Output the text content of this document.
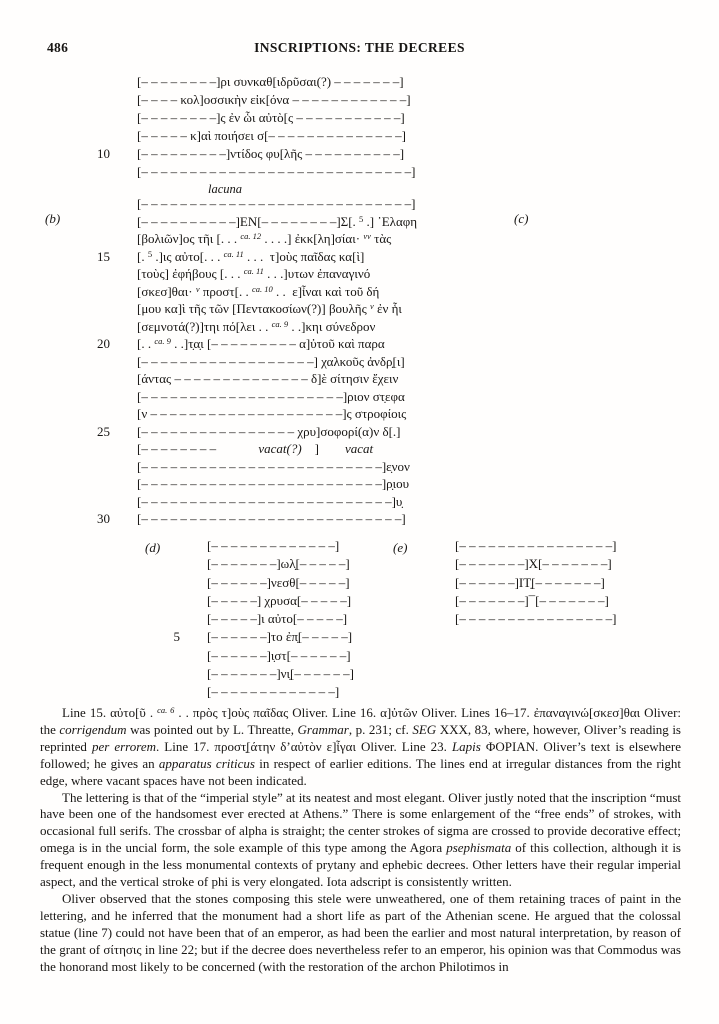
486	INSCRIPTIONS: THE DECREES
[– – – – – – – –]ρι συνκαθ[ιδρῦσαι(?) – – – – – – –]
[– – – – κολ]οσσικὴν εἰκ[όνα – – – – – – – – – – – –]
[– – – – – – – –]ς ἐν ὧι αὐτὸ[ς – – – – – – – – – – –]
[– – – – – κ]αὶ ποιήσει σ[– – – – – – – – – – – – – –]
10 [– – – – – – – – –]ντίδος φυ[λῆς – – – – – – – – – –]
[– – – – – – – – – – – – – – – – – – – – – – – – – – – –]
lacuna
(b)	(c)
[– – – – – – – – – – – – – – – – – – – – – – – – – – – –]
[– – – – – – – – – –]ΕΝ[– – – – – – – –]Σ[. $^5$ .] ᾿Ελαφη
[βολιῶν]ος τῆι [. . . $^{ca. 12}$ . . . .] ἐκκ[λη]σίαι· $^{vv}$ τὰς
15 [. $^5$ .]ις αὐτο[. . . $^{ca. 11}$ . . .  τ]οὺς παῖδας κα[ὶ]
[τοὺς] ἐφήβους [. . . $^{ca. 11}$ . . .]υτων ἐπαναγινό
[σκεσ]θαι· $^v$ προστ[. . $^{ca. 10}$ . .  ε]ἶναι καὶ τοῦ δή
[μου κα]ὶ τῆς τῶν [Πεντακοσίων(?)] βουλῆς $^v$ ἐν ἧι
[σεμνοτά(?)]τηι πό[λει . . $^{ca. 9}$ . .]κηι σύνεδρον
20 [. . $^{ca. 9}$ . .]τ̣α̣ι [– – – – – – – – – α]ὐτοῦ καὶ παρα
[– – – – – – – – – – – – – – – – – –] χαλκοῦς ἀνδρ̣[ι]
[άντας – – – – – – – – – – – – – – δ]ὲ σίτησιν ἔχειν
[– – – – – – – – – – – – – – – – – – – – –]ριον στ̣εφα
[ν – – – – – – – – – – – – – – – – – – – –]ς στροφίοις
25 [– – – – – – – – – – – – – – – – χρυ]σοφορί(α)ν δ[.]
[– – – – – – – –             vacat(?)    ]        vacat
[– – – – – – – – – – – – – – – – – – – – – – – – –]ε̣νον
[– – – – – – – – – – – – – – – – – – – – – – – – –]ρ̣ιου
[– – – – – – – – – – – – – – – – – – – – – – – – – –]υ̣
30 [– – – – – – – – – – – – – – – – – – – – – – – – – – –]
(d)	[– – – – – – – – – – – – –]
[– – – – – – –]ωλ̣[– – – – –]
[– – – – – –]νεσθ[– – – – –]
[– – – – –] χρυσα[– – – – –]
[– – – – –]ι αὐτο[– – – – –]
5 [– – – – – –]το ἐπ̣[– – – – –]
[– – – – – –]ι̣στ[– – – – – –]
[– – – – – – –]νι̣[– – – – – –]
[– – – – – – – – – – – – –]
(e)	[– – – – – – – – – – – – – – – –]
[– – – – – – –]Χ[– – – – – – –]
[– – – – – –]ΙΤ̣[– – – – – – –]
[– – – – – – –]¯[– – – – – – –]
[– – – – – – – – – – – – – – – –]

Line 15. αὐτο[ῦ . $^{ca. 6}$ . . πρὸς τ]οὺς παῖδας Oliver. Line 16. α]ὐτῶν Oliver. Lines 16–17. ἐπαναγινώ[σκεσ]θαι Oliver: the corrigendum was pointed out by L. Threatte, Grammar, p. 231; cf. SEG XXX, 83, where, however, Oliver’s reading is reprinted per errorem. Line 17. προστ̣[άτην δ’αὐτὸν ε]ἶγαι Oliver. Line 23. Lapis ΦΟΡΙΑΝ. Oliver’s text is elsewhere followed; he gives an apparatus criticus in respect of earlier editions. The lines end at irregular distances from the right edge, where vacant spaces have not been indicated.

The lettering is that of the “imperial style” at its neatest and most elegant. Oliver justly noted that the inscription “must have been one of the handsomest ever erected at Athens.” There is some enlargement of the “free ends” of strokes, with occasional full serifs. The crossbar of alpha is straight; the center strokes of sigma are crossed to provide decorative effect; omega is in the uncial form, the sole example of this type among the Agora psephismata of this collection, although it is frequent enough in the less monumental contexts of prytany and ephebic decrees. Other letters have their regular imperial aspect, and the vertical stroke of phi is very elongated. Iota adscript is consistently written.

Oliver observed that the stones composing this stele were unweathered, one of them retaining traces of paint in the lettering, and he inferred that the monument had a short life as part of the Athenian scene. He argued that the colossal statue (line 7) could not have been that of an emperor, as had been the earlier and most natural interpretation, by reason of the grant of σίτησις in line 22; but if the decree does nevertheless refer to an emperor, his opinion was that Commodus was the honorand most likely to be concerned (with the restoration of the archon Philotimos in
